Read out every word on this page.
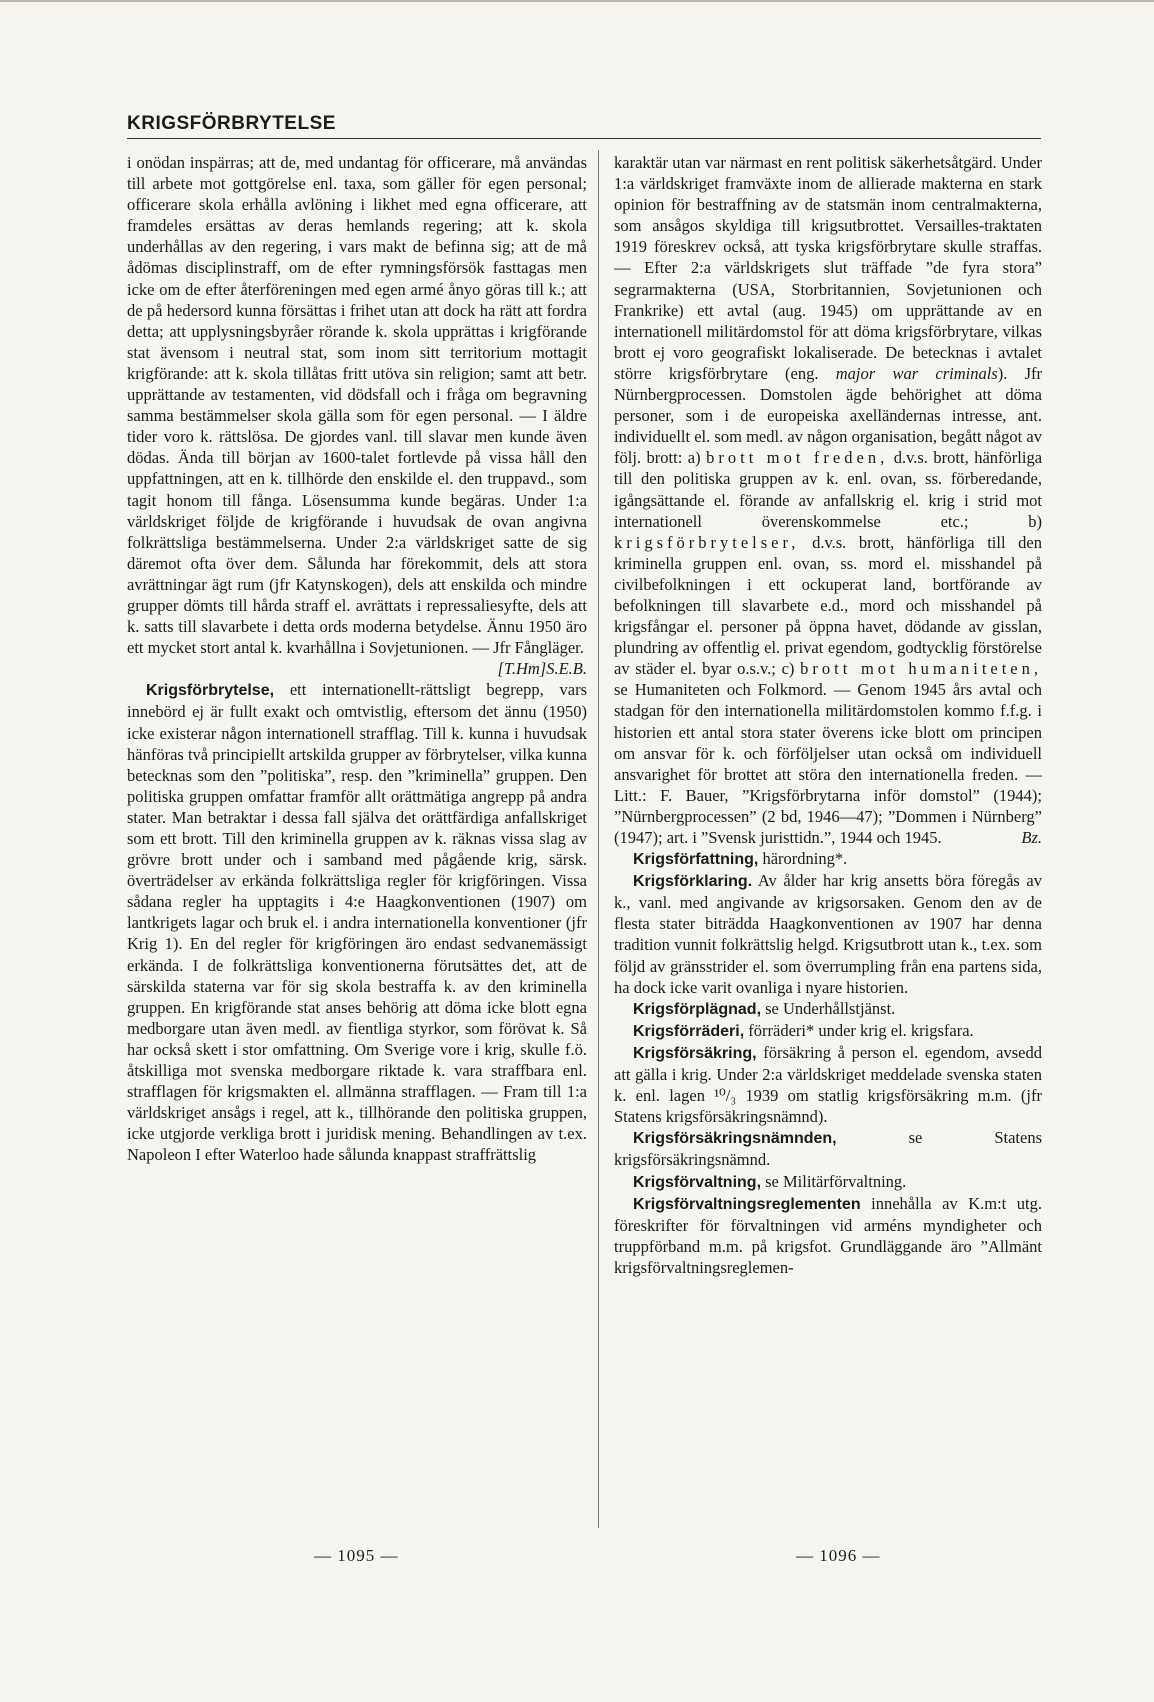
KRIGSFÖRBRYTELSE

i onödan inspärras; att de, med undantag för officerare, må användas till arbete mot gottgörelse enl. taxa, som gäller för egen personal; officerare skola erhålla avlöning i likhet med egna officerare, att framdeles ersättas av deras hemlands regering; att k. skola underhållas av den regering, i vars makt de befinna sig; att de må ådömas disciplinstraff, om de efter rymningsförsök fasttagas men icke om de efter återföreningen med egen armé ånyo göras till k.; att de på hedersord kunna försättas i frihet utan att dock ha rätt att fordra detta; att upplysningsbyråer rörande k. skola upprättas i krigförande stat ävensom i neutral stat, som inom sitt territorium mottagit krigförande: att k. skola tillåtas fritt utöva sin religion; samt att betr. upprättande av testamenten, vid dödsfall och i fråga om begravning samma bestämmelser skola gälla som för egen personal. — I äldre tider voro k. rättslösa. De gjordes vanl. till slavar men kunde även dödas. Ända till början av 1600-talet fortlevde på vissa håll den uppfattningen, att en k. tillhörde den enskilde el. den truppavd., som tagit honom till fånga. Lösensumma kunde begäras. Under 1:a världskriget följde de krigförande i huvudsak de ovan angivna folkrättsliga bestämmelserna. Under 2:a världskriget satte de sig däremot ofta över dem. Sålunda har förekommit, dels att stora avrättningar ägt rum (jfr Katynskogen), dels att enskilda och mindre grupper dömts till hårda straff el. avrättats i repressaliesyfte, dels att k. satts till slavarbete i detta ords moderna betydelse. Ännu 1950 äro ett mycket stort antal k. kvarhållna i Sovjetunionen. — Jfr Fångläger.
[T.Hm]S.E.B.

Krigsförbrytelse, ett internationellt-rättsligt begrepp, vars innebörd ej är fullt exakt och omtvistlig, eftersom det ännu (1950) icke existerar någon internationell strafflag. Till k. kunna i huvudsak hänföras två principiellt artskilda grupper av förbrytelser, vilka kunna betecknas som den ”politiska”, resp. den ”kriminella” gruppen. Den politiska gruppen omfattar framför allt orättmätiga angrepp på andra stater. Man betraktar i dessa fall själva det orättfärdiga anfallskriget som ett brott. Till den kriminella gruppen av k. räknas vissa slag av grövre brott under och i samband med pågående krig, särsk. överträdelser av erkända folkrättsliga regler för krigföringen. Vissa sådana regler ha upptagits i 4:e Haagkonventionen (1907) om lantkrigets lagar och bruk el. i andra internationella konventioner (jfr Krig 1). En del regler för krigföringen äro endast sedvanemässigt erkända. I de folkrättsliga konventionerna förutsättes det, att de särskilda staterna var för sig skola bestraffa k. av den kriminella gruppen. En krigförande stat anses behörig att döma icke blott egna medborgare utan även medl. av fientliga styrkor, som förövat k. Så har också skett i stor omfattning. Om Sverige vore i krig, skulle f.ö. åtskilliga mot svenska medborgare riktade k. vara straffbara enl. strafflagen för krigsmakten el. allmänna strafflagen. — Fram till 1:a världskriget ansågs i regel, att k., tillhörande den politiska gruppen, icke utgjorde verkliga brott i juridisk mening. Behandlingen av t.ex. Napoleon I efter Waterloo hade sålunda knappast straffrättslig

karaktär utan var närmast en rent politisk säkerhetsåtgärd. Under 1:a världskriget framväxte inom de allierade makterna en stark opinion för bestraffning av de statsmän inom centralmakterna, som ansågos skyldiga till krigsutbrottet. Versailles-traktaten 1919 föreskrev också, att tyska krigsförbrytare skulle straffas. — Efter 2:a världskrigets slut träffade ”de fyra stora” segrarmakterna (USA, Storbritannien, Sovjetunionen och Frankrike) ett avtal (aug. 1945) om upprättande av en internationell militärdomstol för att döma krigsförbrytare, vilkas brott ej voro geografiskt lokaliserade. De betecknas i avtalet större krigsförbrytare (eng. major war criminals). Jfr Nürnbergprocessen. Domstolen ägde behörighet att döma personer, som i de europeiska axelländernas intresse, ant. individuellt el. som medl. av någon organisation, begått något av följ. brott: a) brott mot freden, d.v.s. brott, hänförliga till den politiska gruppen av k. enl. ovan, ss. förberedande, igångsättande el. förande av anfallskrig el. krig i strid mot internationell överenskommelse etc.; b) krigsförbrytelser, d.v.s. brott, hänförliga till den kriminella gruppen enl. ovan, ss. mord el. misshandel på civilbefolkningen i ett ockuperat land, bortförande av befolkningen till slavarbete e.d., mord och misshandel på krigsfångar el. personer på öppna havet, dödande av gisslan, plundring av offentlig el. privat egendom, godtycklig förstörelse av städer el. byar o.s.v.; c) brott mot humaniteten, se Humaniteten och Folkmord. — Genom 1945 års avtal och stadgan för den internationella militärdomstolen kommo f.f.g. i historien ett antal stora stater överens icke blott om principen om ansvar för k. och förföljelser utan också om individuell ansvarighet för brottet att störa den internationella freden. — Litt.: F. Bauer, ”Krigsförbrytarna inför domstol” (1944); ”Nürnbergprocessen” (2 bd, 1946—47); ”Dommen i Nürnberg” (1947); art. i ”Svensk juristtidn.”, 1944 och 1945.	Bz.

Krigsförfattning, härordning*.

Krigsförklaring. Av ålder har krig ansetts böra föregås av k., vanl. med angivande av krigsorsaken. Genom den av de flesta stater biträdda Haagkonventionen av 1907 har denna tradition vunnit folkrättslig helgd. Krigsutbrott utan k., t.ex. som följd av gränsstrider el. som överrumpling från ena partens sida, ha dock icke varit ovanliga i nyare historien.

Krigsförplägnad, se Underhållstjänst.

Krigsförräderi, förräderi* under krig el. krigsfara.

Krigsförsäkring, försäkring å person el. egendom, avsedd att gälla i krig. Under 2:a världskriget meddelade svenska staten k. enl. lagen ¹⁰/₃ 1939 om statlig krigsförsäkring m.m. (jfr Statens krigsförsäkringsnämnd).

Krigsförsäkringsnämnden,	se Statens krigsförsäkringsnämnd.

Krigsförvaltning, se Militärförvaltning.

Krigsförvaltningsreglementen innehålla av K.m:t utg. föreskrifter för förvaltningen vid arméns myndigheter och truppförband m.m. på krigsfot. Grundläggande äro ”Allmänt krigsförvaltningsreglemen-

— 1095 —	— 1096 —
